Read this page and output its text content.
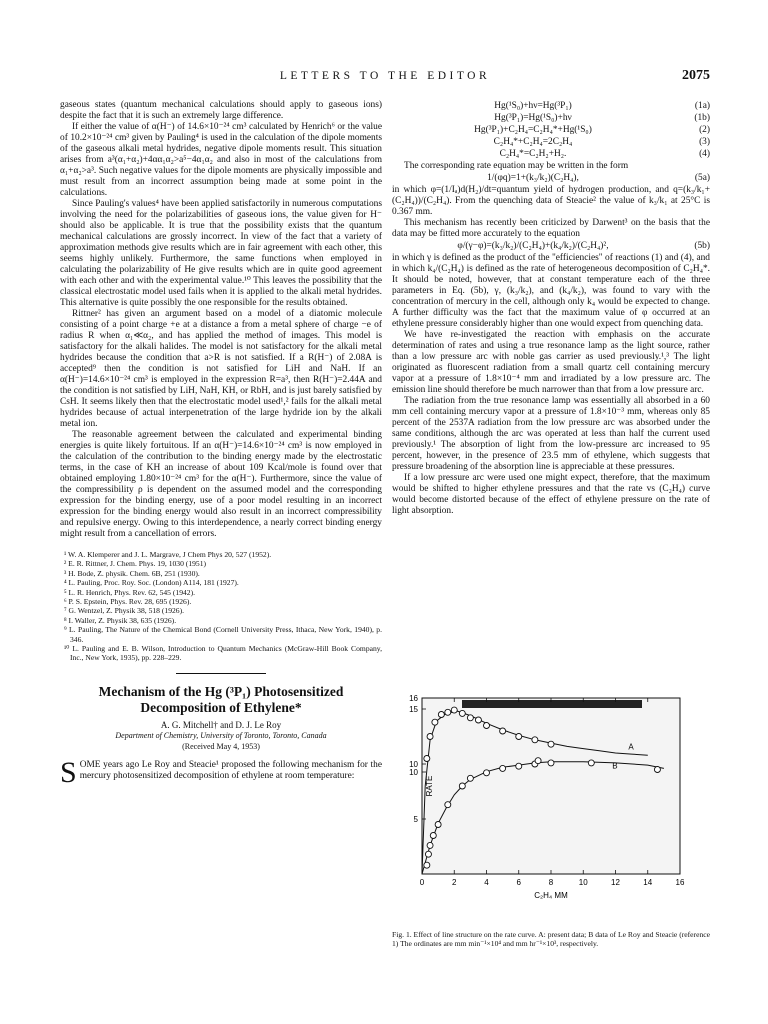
LETTERS TO THE EDITOR	2075

gaseous states (quantum mechanical calculations should apply to gaseous ions) despite the fact that it is such an extremely large difference.

If either the value of α(H⁻) of 14.6×10⁻²⁴ cm³ calculated by Henrich⁶ or the value of 10.2×10⁻²⁴ cm³ given by Pauling⁴ is used in the calculation of the dipole moments of the gaseous alkali metal hydrides, negative dipole moments result. This situation arises from a³(α₁+α₂)+4αα₁α₂>a⁵−4α₁α₂ and also in most of the calculations from α₁+α₂>a³. Such negative values for the dipole moments are physically impossible and must result from an incorrect assumption being made at some point in the calculations.

Since Pauling's values⁴ have been applied satisfactorily in numerous computations involving the need for the polarizabilities of gaseous ions, the value given for H⁻ should also be applicable. It is true that the possibility exists that the quantum mechanical calculations are grossly incorrect. In view of the fact that a variety of approximation methods give results which are in fair agreement with each other, this seems highly unlikely. Furthermore, the same functions when employed in calculating the polarizability of He give results which are in quite good agreement with each other and with the experimental value.¹⁰ This leaves the possibility that the classical electrostatic model used fails when it is applied to the alkali metal hydrides. This alternative is quite possibly the one responsible for the results obtained.

Rittner² has given an argument based on a model of a diatomic molecule consisting of a point charge +e at a distance a from a metal sphere of charge −e of radius R when α₁≪α₂, and has applied the method of images. This model is satisfactory for the alkali halides. The model is not satisfactory for the alkali metal hydrides because the condition that a>R is not satisfied. If a R(H⁻) of 2.08A is accepted⁹ then the condition is not satisfied for LiH and NaH. If an α(H⁻)=14.6×10⁻²⁴ cm³ is employed in the expression R=a³, then R(H⁻)=2.44A and the condition is not satisfied by LiH, NaH, KH, or RbH, and is just barely satisfied by CsH. It seems likely then that the electrostatic model used¹,² fails for the alkali metal hydrides because of actual interpenetration of the large hydride ion by the alkali metal ion.

The reasonable agreement between the calculated and experimental binding energies is quite likely fortuitous. If an α(H⁻)=14.6×10⁻²⁴ cm³ is now employed in the calculation of the contribution to the binding energy made by the electrostatic terms, in the case of KH an increase of about 109 Kcal/mole is found over that obtained employing 1.80×10⁻²⁴ cm³ for the α(H⁻). Furthermore, since the value of the compressibility ρ is dependent on the assumed model and the corresponding expression for the binding energy, use of a poor model resulting in an incorrect expression for the binding energy would also result in an incorrect compressibility and repulsive energy. Owing to this interdependence, a nearly correct binding energy might result from a cancellation of errors.

¹ W. A. Klemperer and J. L. Margrave, J Chem Phys 20, 527 (1952).
² E. R. Rittner, J. Chem. Phys. 19, 1030 (1951)
³ H. Bode, Z. physik. Chem. 6B, 251 (1930).
⁴ L. Pauling, Proc. Roy. Soc. (London) A114, 181 (1927).
⁵ L. R. Henrich, Phys. Rev. 62, 545 (1942).
⁶ P. S. Epstein, Phys. Rev. 28, 695 (1926).
⁷ G. Wentzel, Z. Physik 38, 518 (1926).
⁸ I. Waller, Z. Physik 38, 635 (1926).
⁹ L. Pauling, The Nature of the Chemical Bond (Cornell University Press, Ithaca, New York, 1940), p. 346.
¹⁰ L. Pauling and E. B. Wilson, Introduction to Quantum Mechanics (McGraw-Hill Book Company, Inc., New York, 1935), pp. 228–229.
Mechanism of the Hg (³P₁) Photosensitized Decomposition of Ethylene*
A. G. Mitchell† and D. J. Le Roy
Department of Chemistry, University of Toronto, Toronto, Canada
(Received May 4, 1953)
S OME years ago Le Roy and Steacie¹ proposed the following mechanism for the mercury photosensitized decomposition of ethylene at room temperature:
Hg(¹S₀)+hν=Hg(³P₁)	(1a)
Hg(³P₁)=Hg(¹S₀)+hν	(1b)
Hg(³P₁)+C₂H₄=C₂H₄*+Hg(¹S₀)	(2)
C₂H₄*+C₂H₄=2C₂H₄	(3)
C₂H₄*=C₂H₂+H₂.	(4)

The corresponding rate equation may be written in the form

1/(φq)=1+(k₃/k₂)(C₂H₄),	(5a)

in which φ=(1/Iₐ)d(H₂)/dt=quantum yield of hydrogen production, and q=(k₃/k₁+(C₂H₄))/(C₂H₄). From the quenching data of Steacie² the value of k₃/k₁ at 25°C is 0.367 mm.

This mechanism has recently been criticized by Darwent³ on the basis that the data may be fitted more accurately to the equation

φ/(γ−φ)=(k₃/k₂)/(C₂H₄)+(k₄/k₂)/(C₂H₄)²,	(5b)

in which γ is defined as the product of the "efficiencies" of reactions (1) and (4), and in which k₄/(C₂H₄) is defined as the rate of heterogeneous decomposition of C₂H₄*. It should be noted, however, that at constant temperature each of the three parameters in Eq. (5b), γ, (k₃/k₂), and (k₄/k₂), was found to vary with the concentration of mercury in the cell, although only k₄ would be expected to change. A further difficulty was the fact that the maximum value of φ occurred at an ethylene pressure considerably higher than one would expect from quenching data.

We have re-investigated the reaction with emphasis on the accurate determination of rates and using a true resonance lamp as the light source, rather than a low pressure arc with noble gas carrier as used previously.¹,³ The light originated as fluorescent radiation from a small quartz cell containing mercury vapor at a pressure of 1.8×10⁻⁴ mm and irradiated by a low pressure arc. The emission line should therefore be much narrower than that from a low pressure arc.

The radiation from the true resonance lamp was essentially all absorbed in a 60 mm cell containing mercury vapor at a pressure of 1.8×10⁻³ mm, whereas only 85 percent of the 2537A radiation from the low pressure arc was absorbed under the same conditions, although the arc was operated at less than half the current used previously.¹ The absorption of light from the low-pressure arc increased to 95 percent, however, in the presence of 23.5 mm of ethylene, which suggests that pressure broadening of the absorption line is appreciable at these pressures.

If a low pressure arc were used one might expect, therefore, that the maximum would be shifted to higher ethylene pressures and that the rate vs (C₂H₄) curve would become distorted because of the effect of ethylene pressure on the rate of light absorption.

0	2	4	6	8	10	12	14	16
5
10
10
15
16
C₂H₄ MM
RATE
A
B
Fig. 1. Effect of line structure on the rate curve. A: present data; B data of Le Roy and Steacie (reference 1) The ordinates are mm min⁻¹×10⁴ and mm hr⁻¹×10³, respectively.
